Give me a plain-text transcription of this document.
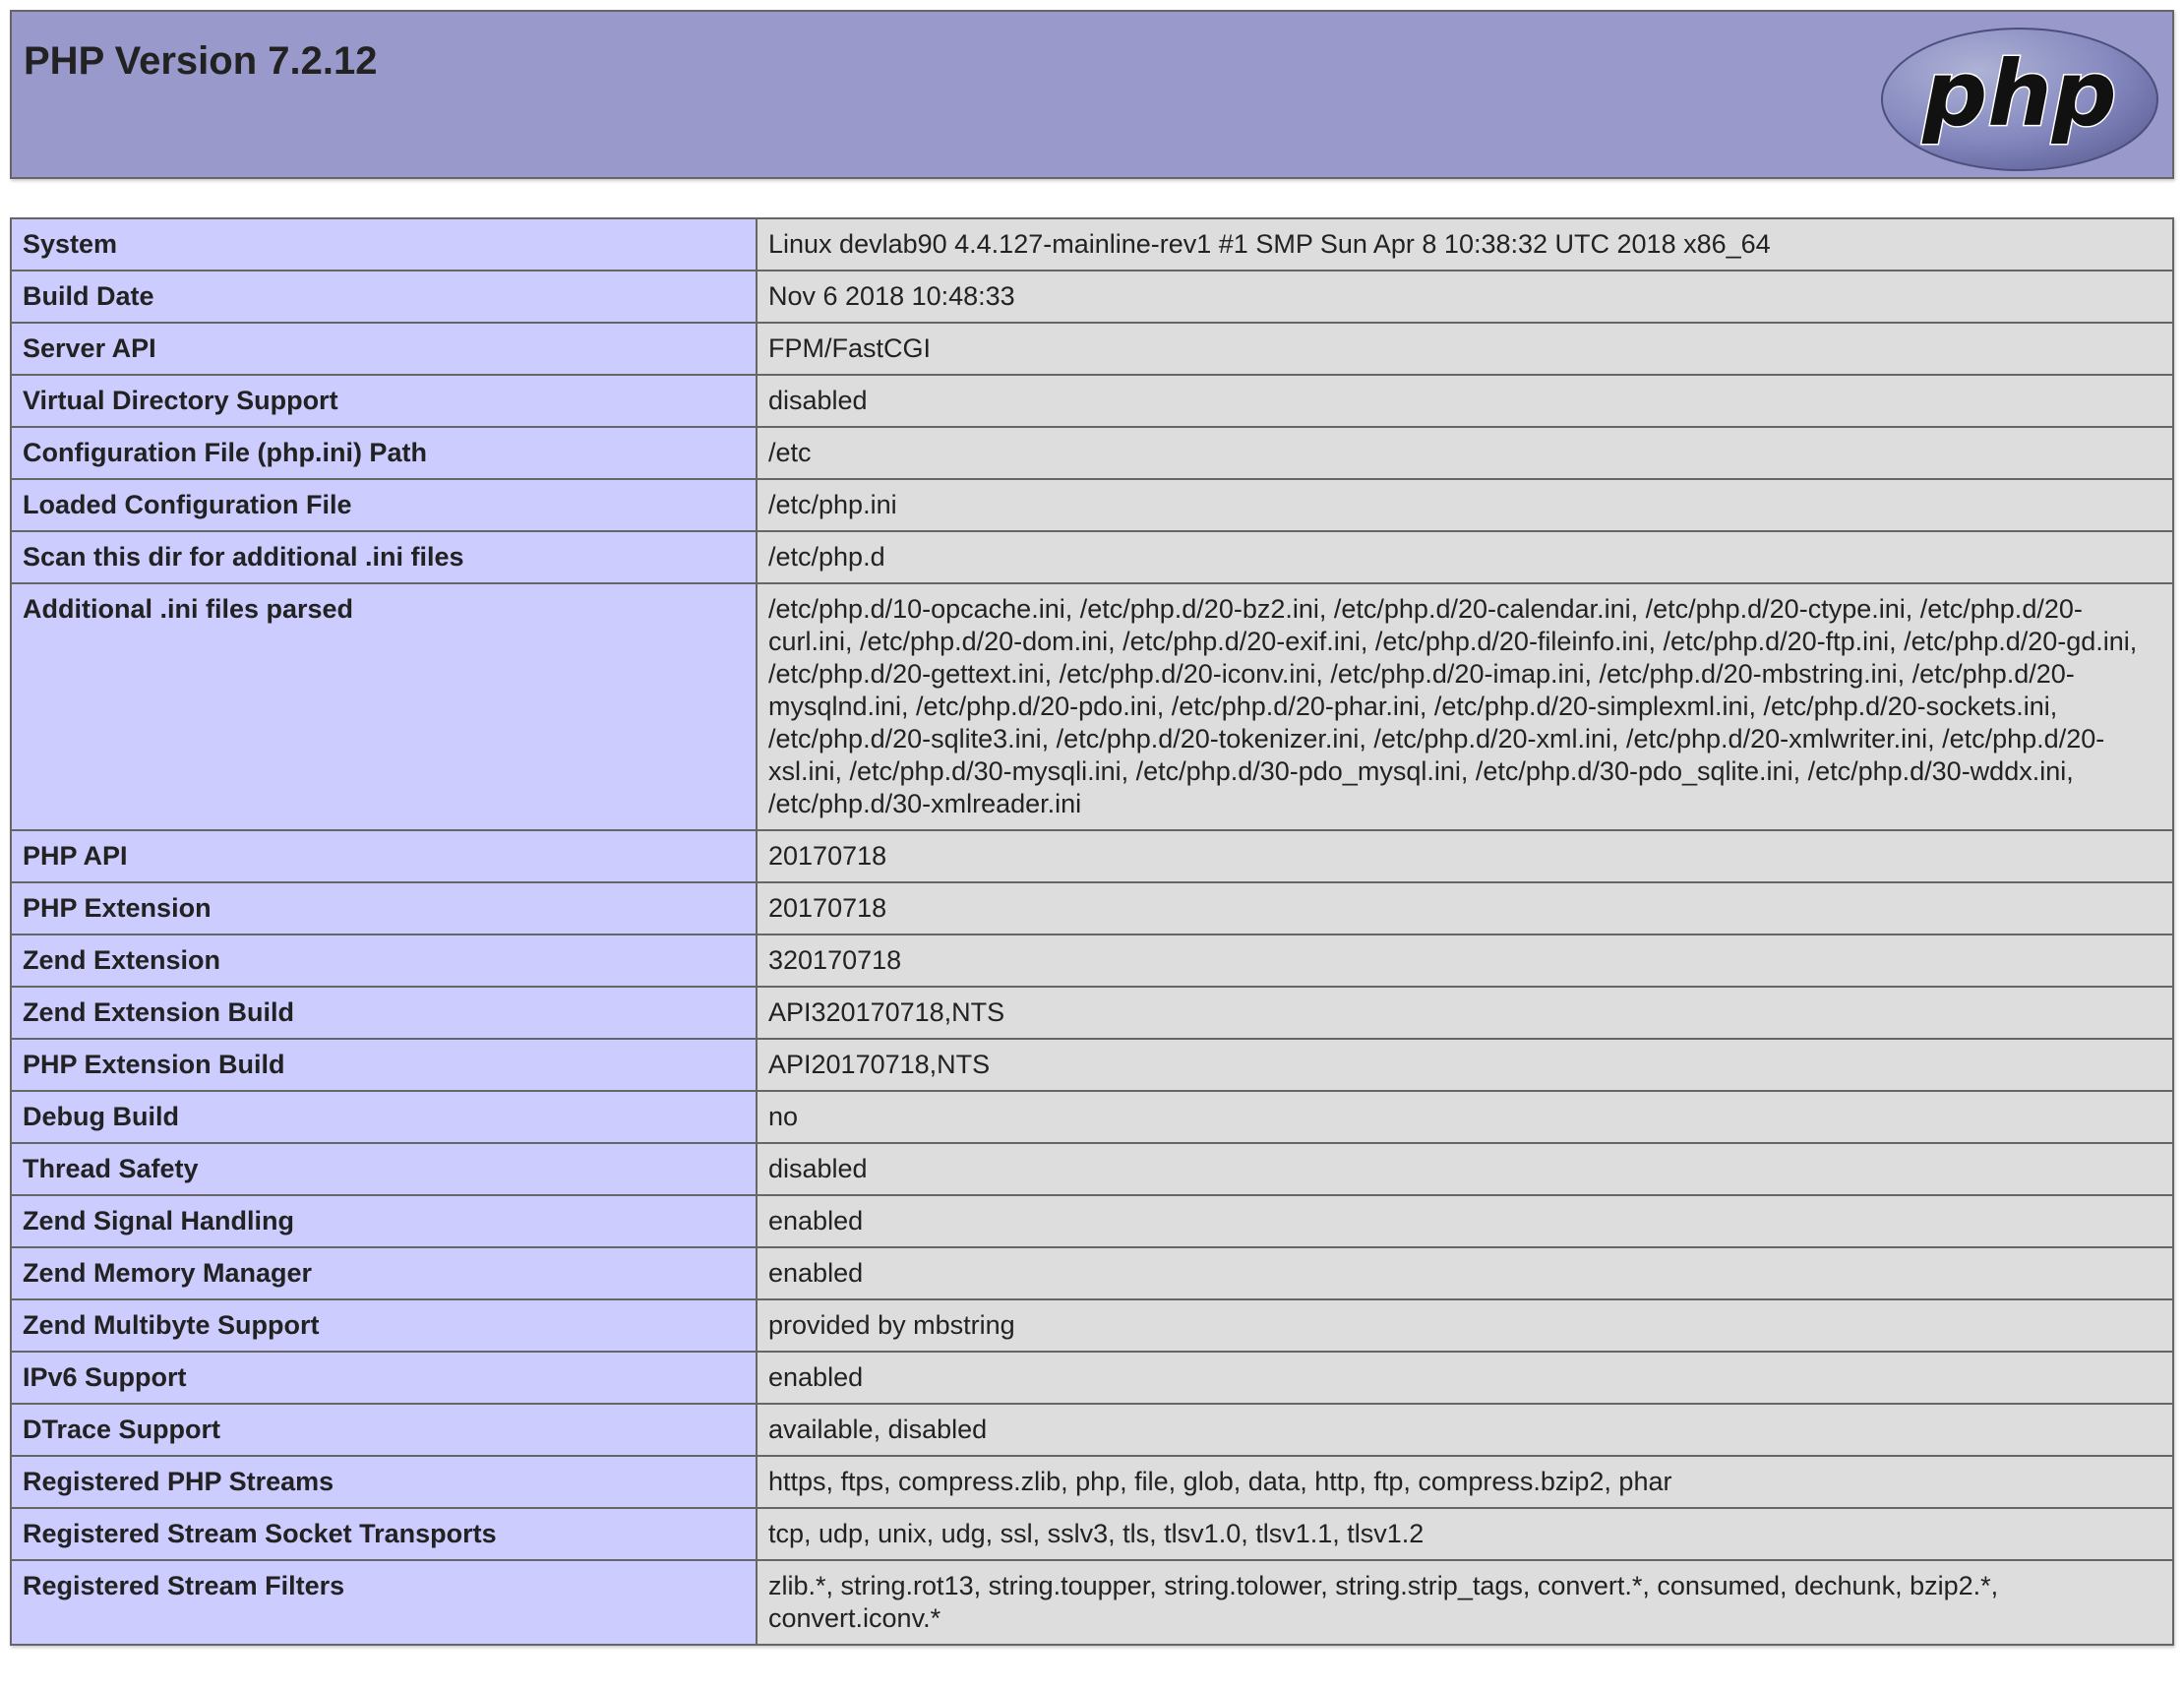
PHP Version 7.2.12	php
System	Linux devlab90 4.4.127-mainline-rev1 #1 SMP Sun Apr 8 10:38:32 UTC 2018 x86_64
Build Date	Nov 6 2018 10:48:33
Server API	FPM/FastCGI
Virtual Directory Support	disabled
Configuration File (php.ini) Path	/etc
Loaded Configuration File	/etc/php.ini
Scan this dir for additional .ini files	/etc/php.d
Additional .ini files parsed	/etc/php.d/10-opcache.ini, /etc/php.d/20-bz2.ini, /etc/php.d/20-calendar.ini, /etc/php.d/20-ctype.ini, /etc/php.d/20-curl.ini, /etc/php.d/20-dom.ini, /etc/php.d/20-exif.ini, /etc/php.d/20-fileinfo.ini, /etc/php.d/20-ftp.ini, /etc/php.d/20-gd.ini, /etc/php.d/20-gettext.ini, /etc/php.d/20-iconv.ini, /etc/php.d/20-imap.ini, /etc/php.d/20-mbstring.ini, /etc/php.d/20-mysqlnd.ini, /etc/php.d/20-pdo.ini, /etc/php.d/20-phar.ini, /etc/php.d/20-simplexml.ini, /etc/php.d/20-sockets.ini, /etc/php.d/20-sqlite3.ini, /etc/php.d/20-tokenizer.ini, /etc/php.d/20-xml.ini, /etc/php.d/20-xmlwriter.ini, /etc/php.d/20-xsl.ini, /etc/php.d/30-mysqli.ini, /etc/php.d/30-pdo_mysql.ini, /etc/php.d/30-pdo_sqlite.ini, /etc/php.d/30-wddx.ini, /etc/php.d/30-xmlreader.ini
PHP API	20170718
PHP Extension	20170718
Zend Extension	320170718
Zend Extension Build	API320170718,NTS
PHP Extension Build	API20170718,NTS
Debug Build	no
Thread Safety	disabled
Zend Signal Handling	enabled
Zend Memory Manager	enabled
Zend Multibyte Support	provided by mbstring
IPv6 Support	enabled
DTrace Support	available, disabled
Registered PHP Streams	https, ftps, compress.zlib, php, file, glob, data, http, ftp, compress.bzip2, phar
Registered Stream Socket Transports	tcp, udp, unix, udg, ssl, sslv3, tls, tlsv1.0, tlsv1.1, tlsv1.2
Registered Stream Filters	zlib.*, string.rot13, string.toupper, string.tolower, string.strip_tags, convert.*, consumed, dechunk, bzip2.*, convert.iconv.*
